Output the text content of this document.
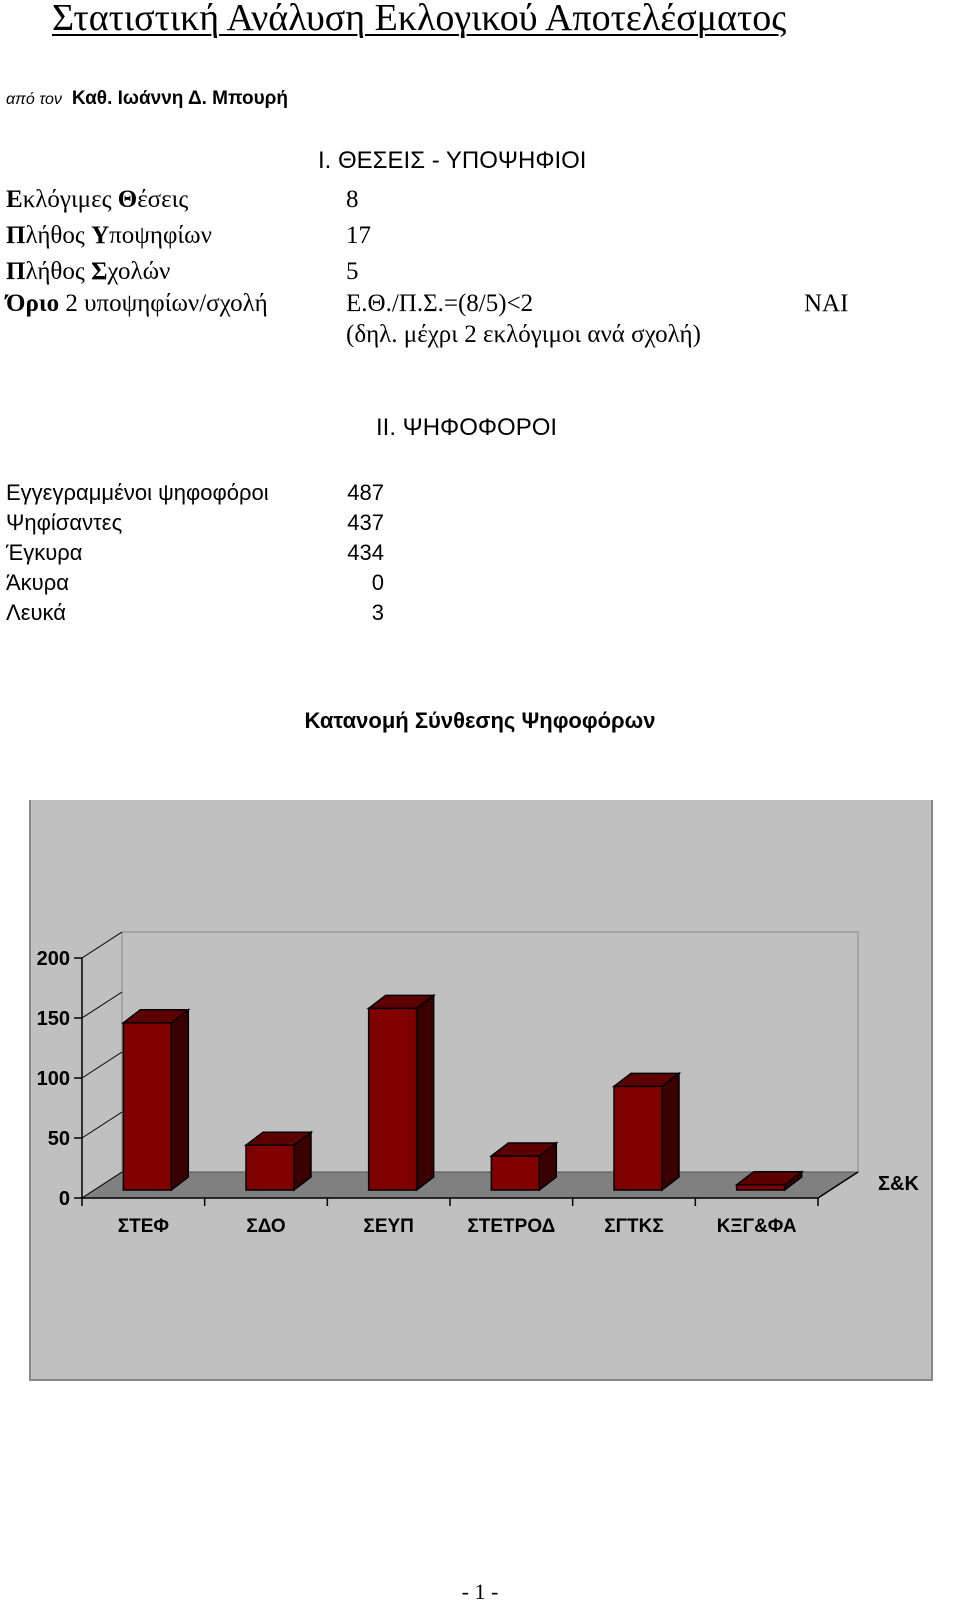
Στατιστική Ανάλυση Εκλογικού Αποτελέσματος
από τον Καθ. Ιωάννη Δ. Μπουρή
Ι. ΘΕΣΕΙΣ - ΥΠΟΨΗΦΙΟΙ
Εκλόγιμες Θέσεις	8
Πλήθος Υποψηφίων	17
Πλήθος Σχολών	5
Όριο 2 υποψηφίων/σχολή	Ε.Θ./Π.Σ.=(8/5)<2	ΝΑΙ
(δηλ. μέχρι 2 εκλόγιμοι ανά σχολή)
ΙΙ. ΨΗΦΟΦΟΡΟΙ
Εγγεγραμμένοι ψηφοφόροι	487
Ψηφίσαντες	437
Έγκυρα	434
Άκυρα	0
Λευκά	3
Κατανομή Σύνθεσης Ψηφοφόρων
0
50
100
150
200
ΣΤΕΦ	ΣΔΟ	ΣΕΥΠ	ΣΤΕΤΡΟΔ	ΣΓΤΚΣ	ΚΞΓ&ΦΑ
Σ&Κ
- 1 -
